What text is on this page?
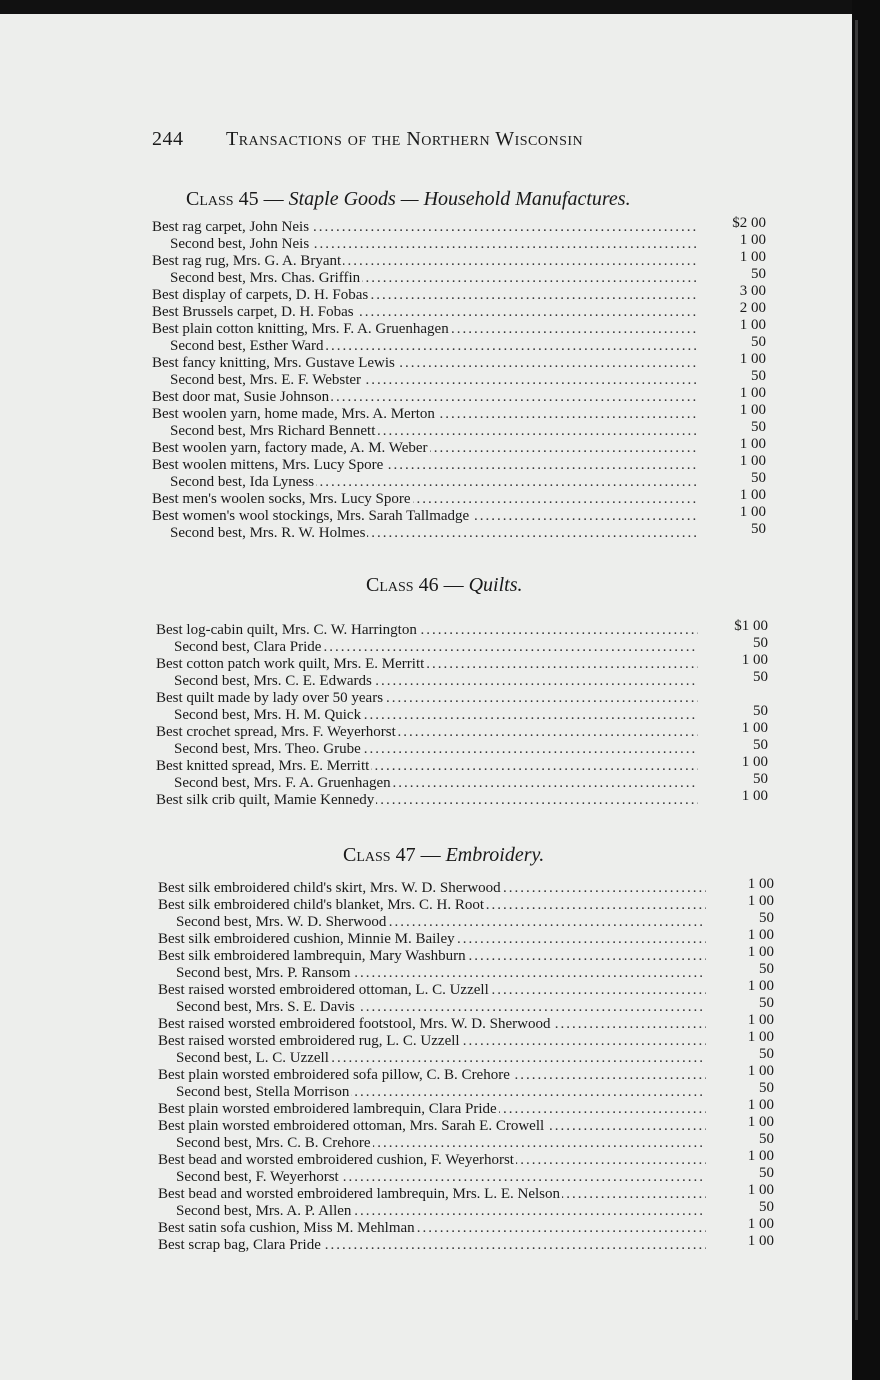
244 Transactions of the Northern Wisconsin
Class 45 — Staple Goods — Household Manufactures.
Best rag carpet, John Neis .....	$2 00
Second best, John Neis .....	1 00
Best rag rug, Mrs. G. A. Bryant .....	1 00
Second best, Mrs. Chas. Griffin .....	50
Best display of carpets, D. H. Fobas .....	3 00
Best Brussels carpet, D. H. Fobas .....	2 00
Best plain cotton knitting, Mrs. F. A. Gruenhagen .....	1 00
Second best, Esther Ward .....	50
Best fancy knitting, Mrs. Gustave Lewis .....	1 00
Second best, Mrs. E. F. Webster .....	50
Best door mat, Susie Johnson .....	1 00
Best woolen yarn, home made, Mrs. A. Merton .....	1 00
Second best, Mrs Richard Bennett .....	50
Best woolen yarn, factory made, A. M. Weber .....	1 00
Best woolen mittens, Mrs. Lucy Spore .....	1 00
Second best, Ida Lyness .....	50
Best men's woolen socks, Mrs. Lucy Spore .....	1 00
Best women's wool stockings, Mrs. Sarah Tallmadge .....	1 00
Second best, Mrs. R. W. Holmes .....	50
Class 46 — Quilts.
Best log-cabin quilt, Mrs. C. W. Harrington .....	$1 00
Second best, Clara Pride .....	50
Best cotton patch work quilt, Mrs. E. Merritt .....	1 00
Second best, Mrs. C. E. Edwards .....	50
Best quilt made by lady over 50 years .....
Second best, Mrs. H. M. Quick .....	50
Best crochet spread, Mrs. F. Weyerhorst .....	1 00
Second best, Mrs. Theo. Grube .....	50
Best knitted spread, Mrs. E. Merritt .....	1 00
Second best, Mrs. F. A. Gruenhagen .....	50
Best silk crib quilt, Mamie Kennedy .....	1 00
Class 47 — Embroidery.
Best silk embroidered child's skirt, Mrs. W. D. Sherwood .....	1 00
Best silk embroidered child's blanket, Mrs. C. H. Root .....	1 00
Second best, Mrs. W. D. Sherwood .....	50
Best silk embroidered cushion, Minnie M. Bailey .....	1 00
Best silk embroidered lambrequin, Mary Washburn .....	1 00
Second best, Mrs. P. Ransom .....	50
Best raised worsted embroidered ottoman, L. C. Uzzell .....	1 00
Second best, Mrs. S. E. Davis .....	50
Best raised worsted embroidered footstool, Mrs. W. D. Sherwood .....	1 00
Best raised worsted embroidered rug, L. C. Uzzell .....	1 00
Second best, L. C. Uzzell .....	50
Best plain worsted embroidered sofa pillow, C. B. Crehore .....	1 00
Second best, Stella Morrison .....	50
Best plain worsted embroidered lambrequin, Clara Pride .....	1 00
Best plain worsted embroidered ottoman, Mrs. Sarah E. Crowell .....	1 00
Second best, Mrs. C. B. Crehore .....	50
Best bead and worsted embroidered cushion, F. Weyerhorst .....	1 00
Second best, F. Weyerhorst .....	50
Best bead and worsted embroidered lambrequin, Mrs. L. E. Nelson .....	1 00
Second best, Mrs. A. P. Allen .....	50
Best satin sofa cushion, Miss M. Mehlman .....	1 00
Best scrap bag, Clara Pride .....	1 00
